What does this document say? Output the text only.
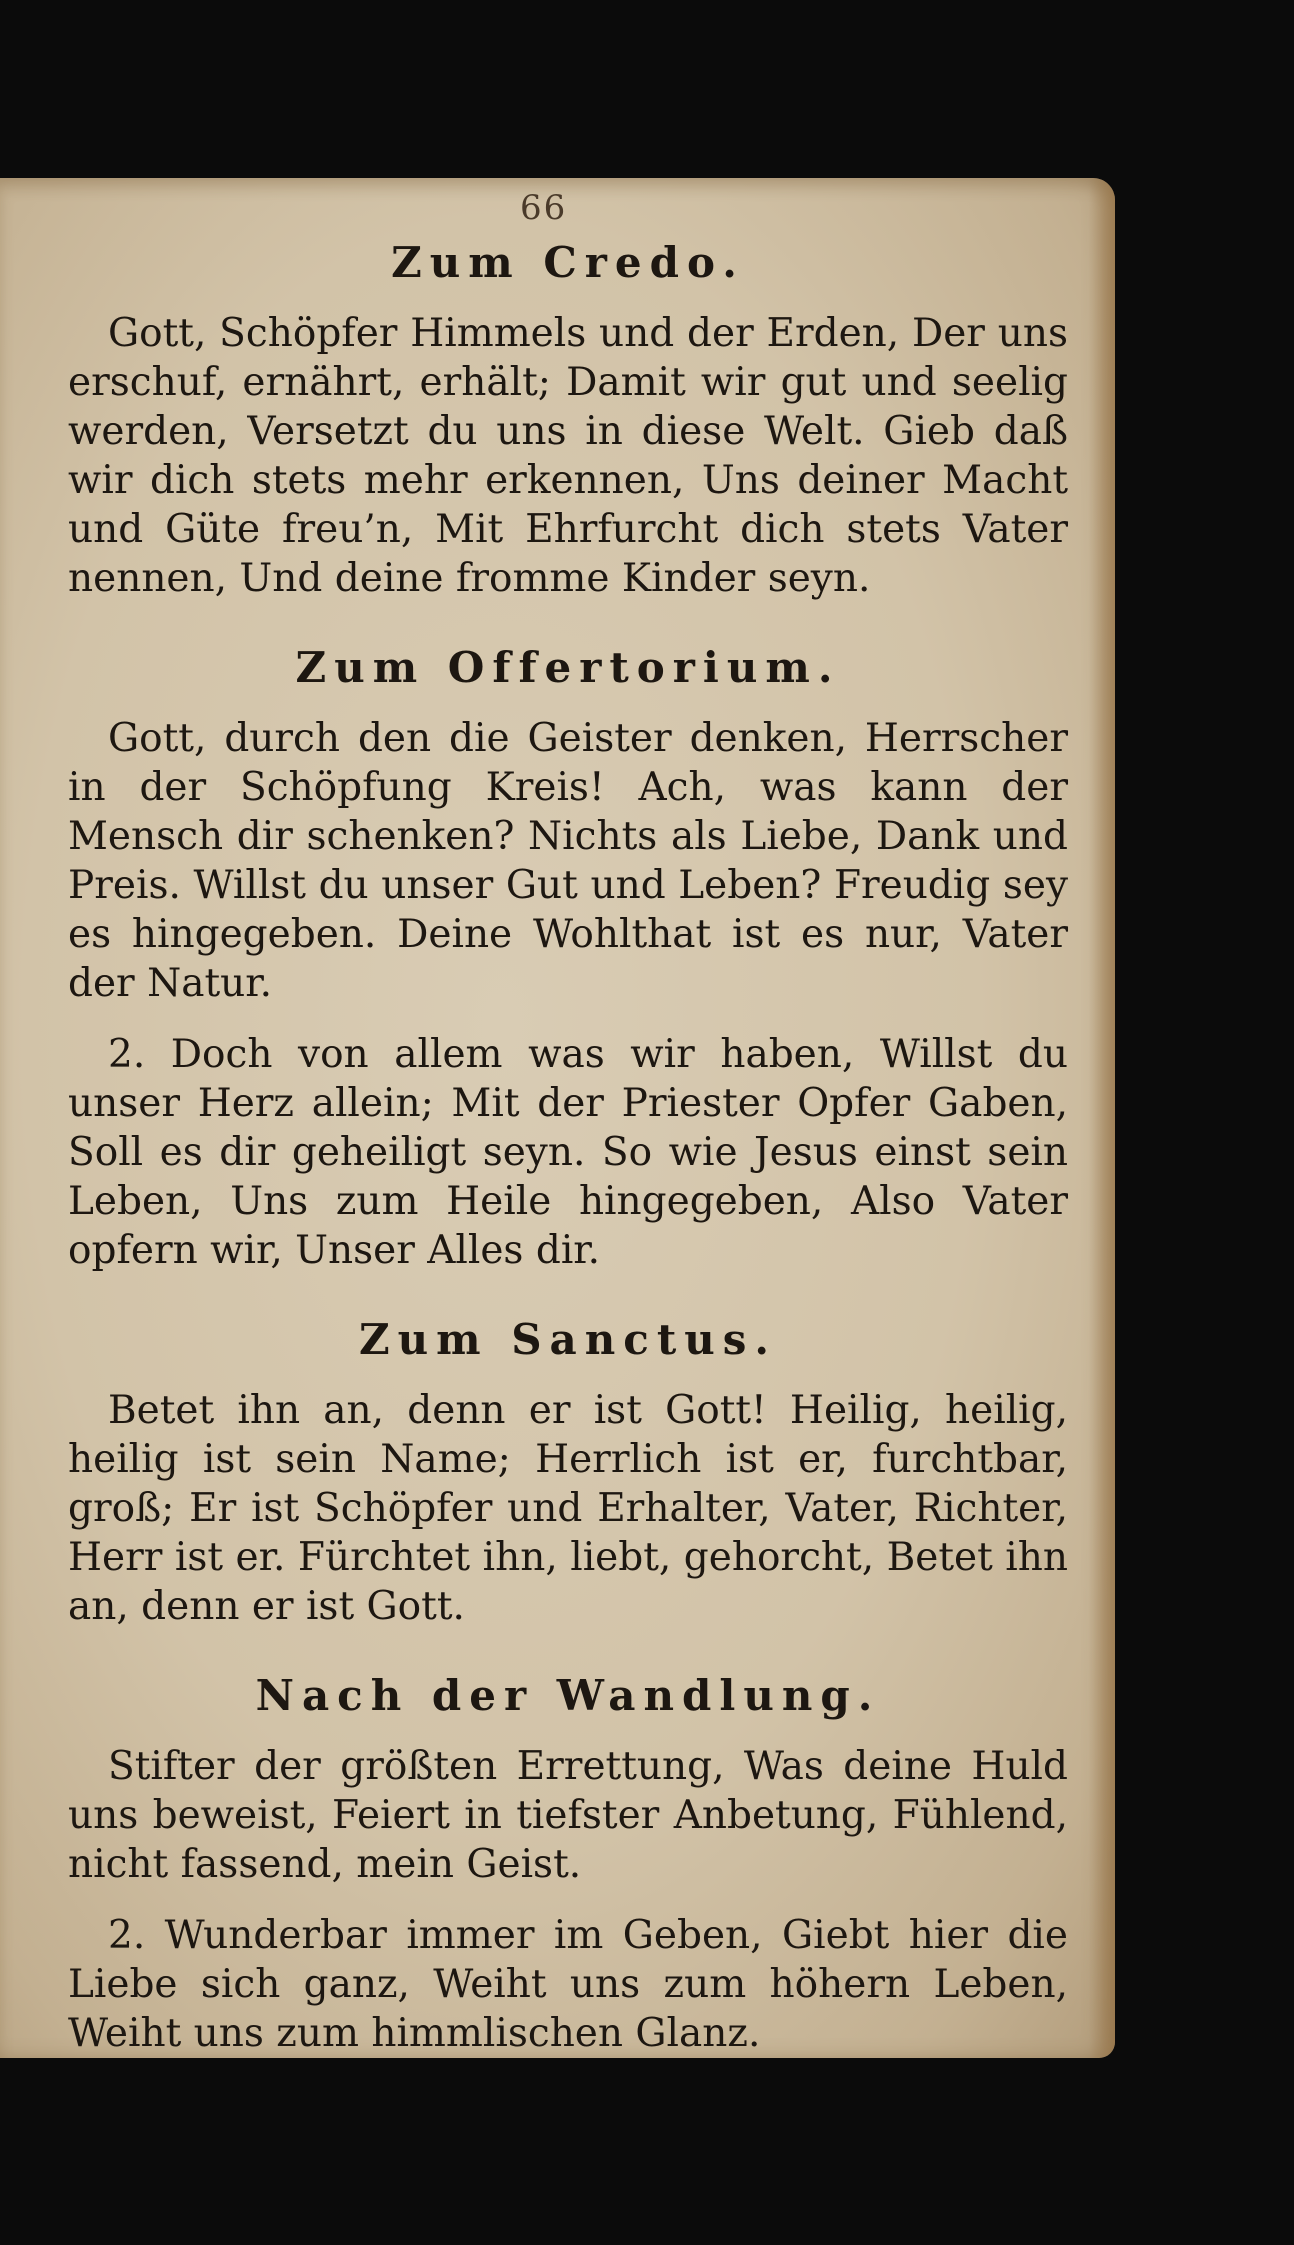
66
Zum Credo.

Gott, Schöpfer Himmels und der Erden, Der uns erschuf, ernährt, erhält; Damit wir gut und seelig werden, Versetzt du uns in diese Welt. Gieb daß wir dich stets mehr erkennen, Uns deiner Macht und Güte freu’n, Mit Ehrfurcht dich stets Vater nennen, Und deine fromme Kinder seyn.

Zum Offertorium.

Gott, durch den die Geister denken, Herrscher in der Schöpfung Kreis! Ach, was kann der Mensch dir schenken? Nichts als Liebe, Dank und Preis. Willst du unser Gut und Leben? Freudig sey es hingegeben. Deine Wohlthat ist es nur, Vater der Natur.

2. Doch von allem was wir haben, Willst du unser Herz allein; Mit der Priester Opfer Gaben, Soll es dir geheiligt seyn. So wie Jesus einst sein Leben, Uns zum Heile hingegeben, Also Vater opfern wir, Unser Alles dir.

Zum Sanctus.

Betet ihn an, denn er ist Gott! Heilig, heilig, heilig ist sein Name; Herrlich ist er, furchtbar, groß; Er ist Schöpfer und Erhalter, Vater, Richter, Herr ist er. Fürchtet ihn, liebt, gehorcht, Betet ihn an, denn er ist Gott.

Nach der Wandlung.

Stifter der größten Errettung, Was deine Huld uns beweist, Feiert in tiefster Anbetung, Fühlend, nicht fassend, mein Geist.

2. Wunderbar immer im Geben, Giebt hier die Liebe sich ganz, Weiht uns zum höhern Leben, Weiht uns zum himmlischen Glanz.
